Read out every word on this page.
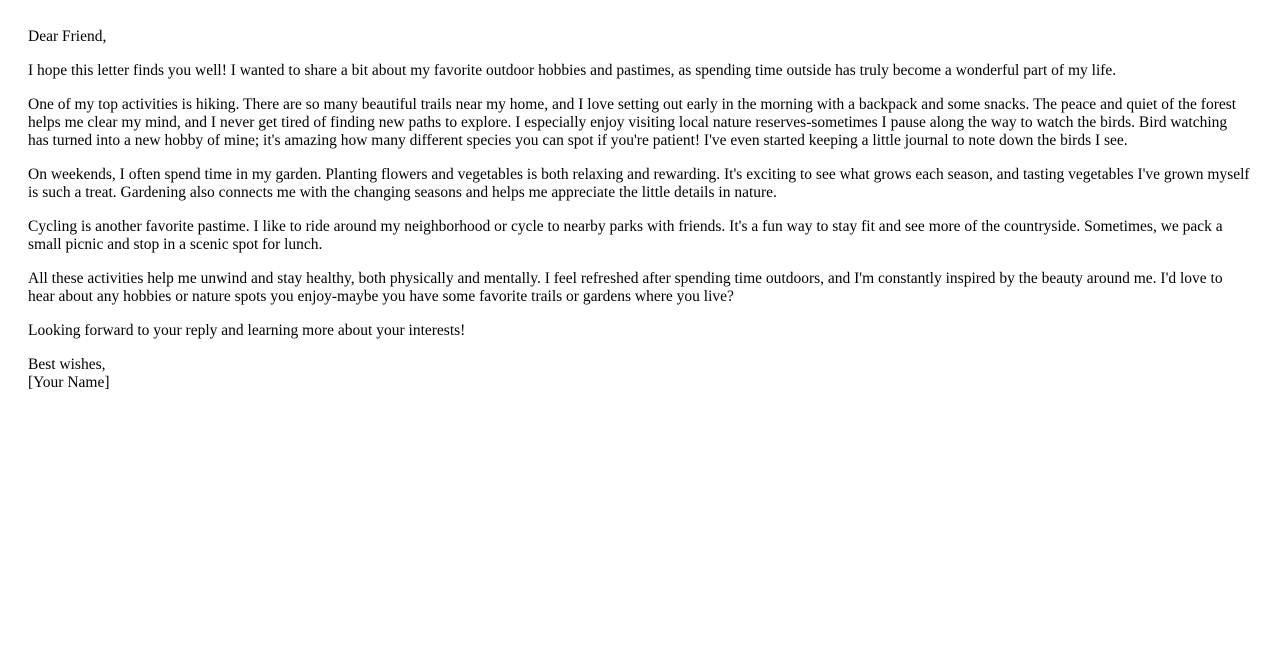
Dear Friend,

I hope this letter finds you well! I wanted to share a bit about my favorite outdoor hobbies and pastimes, as spending time outside has truly become a wonderful part of my life.

One of my top activities is hiking. There are so many beautiful trails near my home, and I love setting out early in the morning with a backpack and some snacks. The peace and quiet of the forest helps me clear my mind, and I never get tired of finding new paths to explore. I especially enjoy visiting local nature reserves-sometimes I pause along the way to watch the birds. Bird watching has turned into a new hobby of mine; it's amazing how many different species you can spot if you're patient! I've even started keeping a little journal to note down the birds I see.

On weekends, I often spend time in my garden. Planting flowers and vegetables is both relaxing and rewarding. It's exciting to see what grows each season, and tasting vegetables I've grown myself is such a treat. Gardening also connects me with the changing seasons and helps me appreciate the little details in nature.

Cycling is another favorite pastime. I like to ride around my neighborhood or cycle to nearby parks with friends. It's a fun way to stay fit and see more of the countryside. Sometimes, we pack a small picnic and stop in a scenic spot for lunch.

All these activities help me unwind and stay healthy, both physically and mentally. I feel refreshed after spending time outdoors, and I'm constantly inspired by the beauty around me. I'd love to hear about any hobbies or nature spots you enjoy-maybe you have some favorite trails or gardens where you live?

Looking forward to your reply and learning more about your interests!

Best wishes,
[Your Name]
